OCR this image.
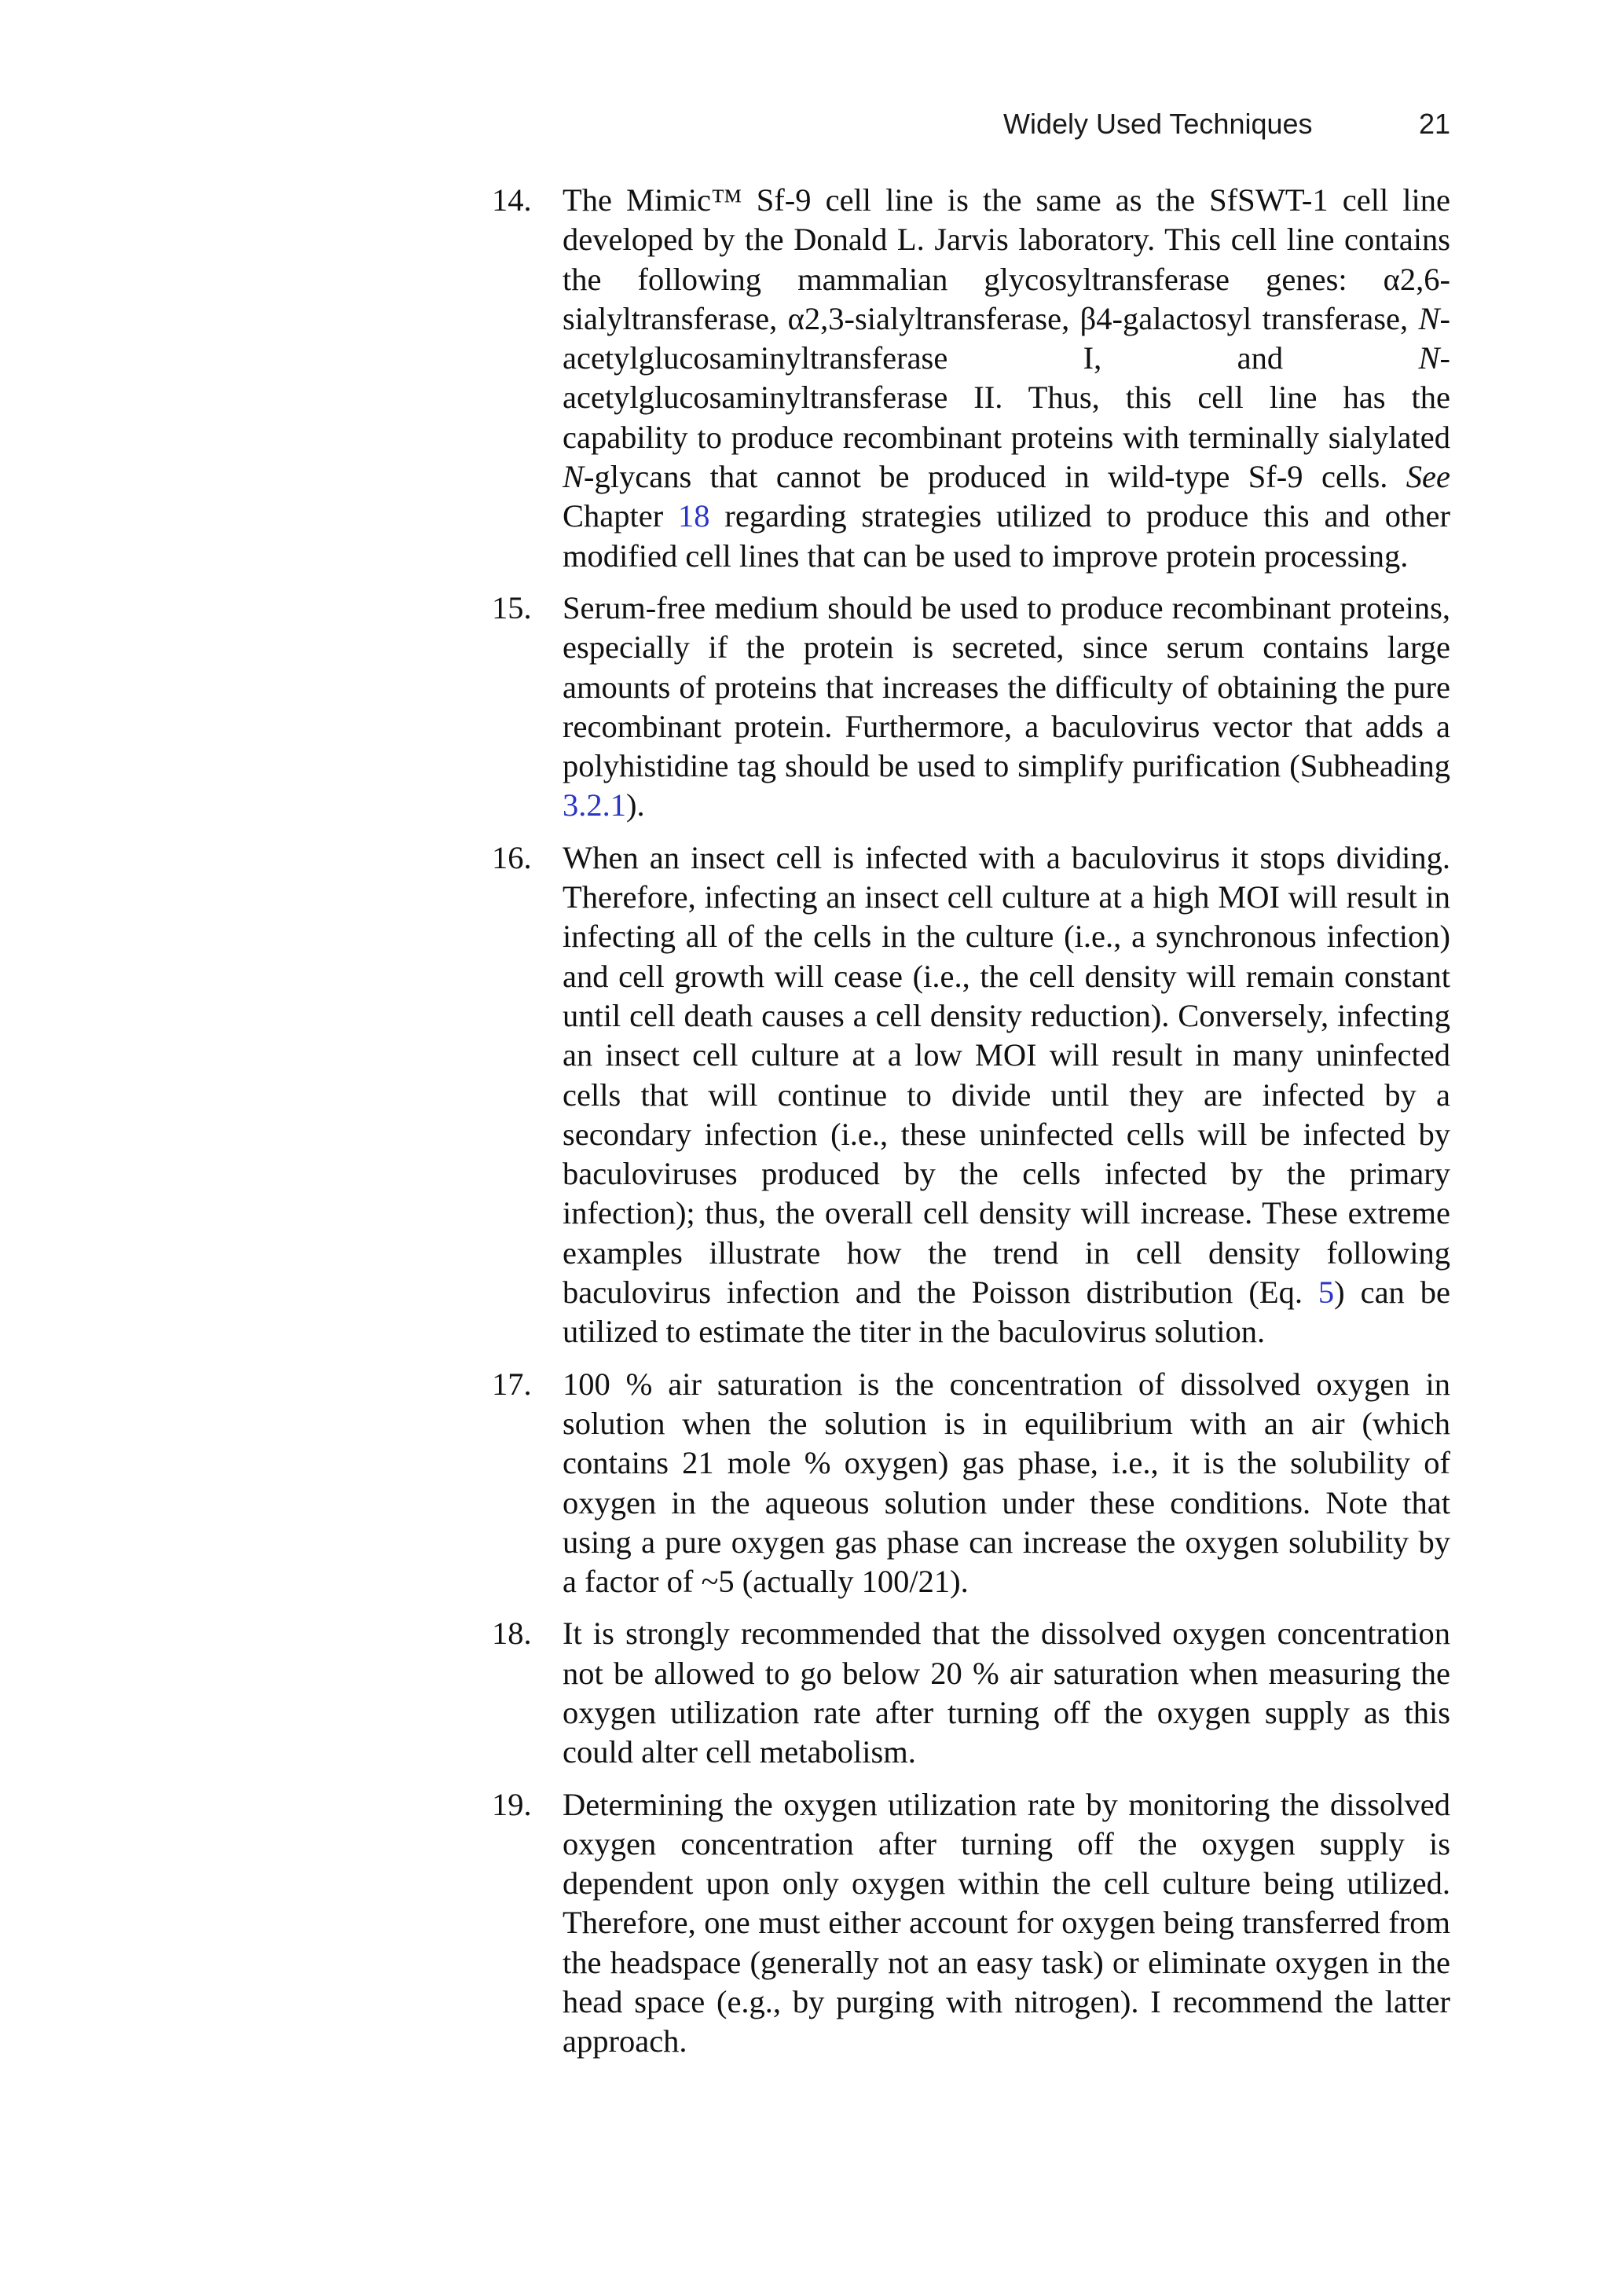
Widely Used Techniques	21
14. The Mimic™ Sf-9 cell line is the same as the SfSWT-1 cell line developed by the Donald L. Jarvis laboratory. This cell line contains the following mammalian glycosyltransferase genes: α2,6-sialyltransferase, α2,3-sialyltransferase, β4-galactosyl transferase, N-acetylglucosaminyltransferase I, and N-acetylglucosaminyltransferase II. Thus, this cell line has the capability to produce recombinant proteins with terminally sialylated N-glycans that cannot be produced in wild-type Sf-9 cells. See Chapter 18 regarding strategies utilized to produce this and other modified cell lines that can be used to improve protein processing.
15. Serum-free medium should be used to produce recombinant proteins, especially if the protein is secreted, since serum contains large amounts of proteins that increases the difficulty of obtaining the pure recombinant protein. Furthermore, a baculovirus vector that adds a polyhistidine tag should be used to simplify purification (Subheading 3.2.1).
16. When an insect cell is infected with a baculovirus it stops dividing. Therefore, infecting an insect cell culture at a high MOI will result in infecting all of the cells in the culture (i.e., a synchronous infection) and cell growth will cease (i.e., the cell density will remain constant until cell death causes a cell density reduction). Conversely, infecting an insect cell culture at a low MOI will result in many uninfected cells that will continue to divide until they are infected by a secondary infection (i.e., these uninfected cells will be infected by baculoviruses produced by the cells infected by the primary infection); thus, the overall cell density will increase. These extreme examples illustrate how the trend in cell density following baculovirus infection and the Poisson distribution (Eq. 5) can be utilized to estimate the titer in the baculovirus solution.
17. 100 % air saturation is the concentration of dissolved oxygen in solution when the solution is in equilibrium with an air (which contains 21 mole % oxygen) gas phase, i.e., it is the solubility of oxygen in the aqueous solution under these conditions. Note that using a pure oxygen gas phase can increase the oxygen solubility by a factor of ~5 (actually 100/21).
18. It is strongly recommended that the dissolved oxygen concentration not be allowed to go below 20 % air saturation when measuring the oxygen utilization rate after turning off the oxygen supply as this could alter cell metabolism.
19. Determining the oxygen utilization rate by monitoring the dissolved oxygen concentration after turning off the oxygen supply is dependent upon only oxygen within the cell culture being utilized. Therefore, one must either account for oxygen being transferred from the headspace (generally not an easy task) or eliminate oxygen in the head space (e.g., by purging with nitrogen). I recommend the latter approach.
